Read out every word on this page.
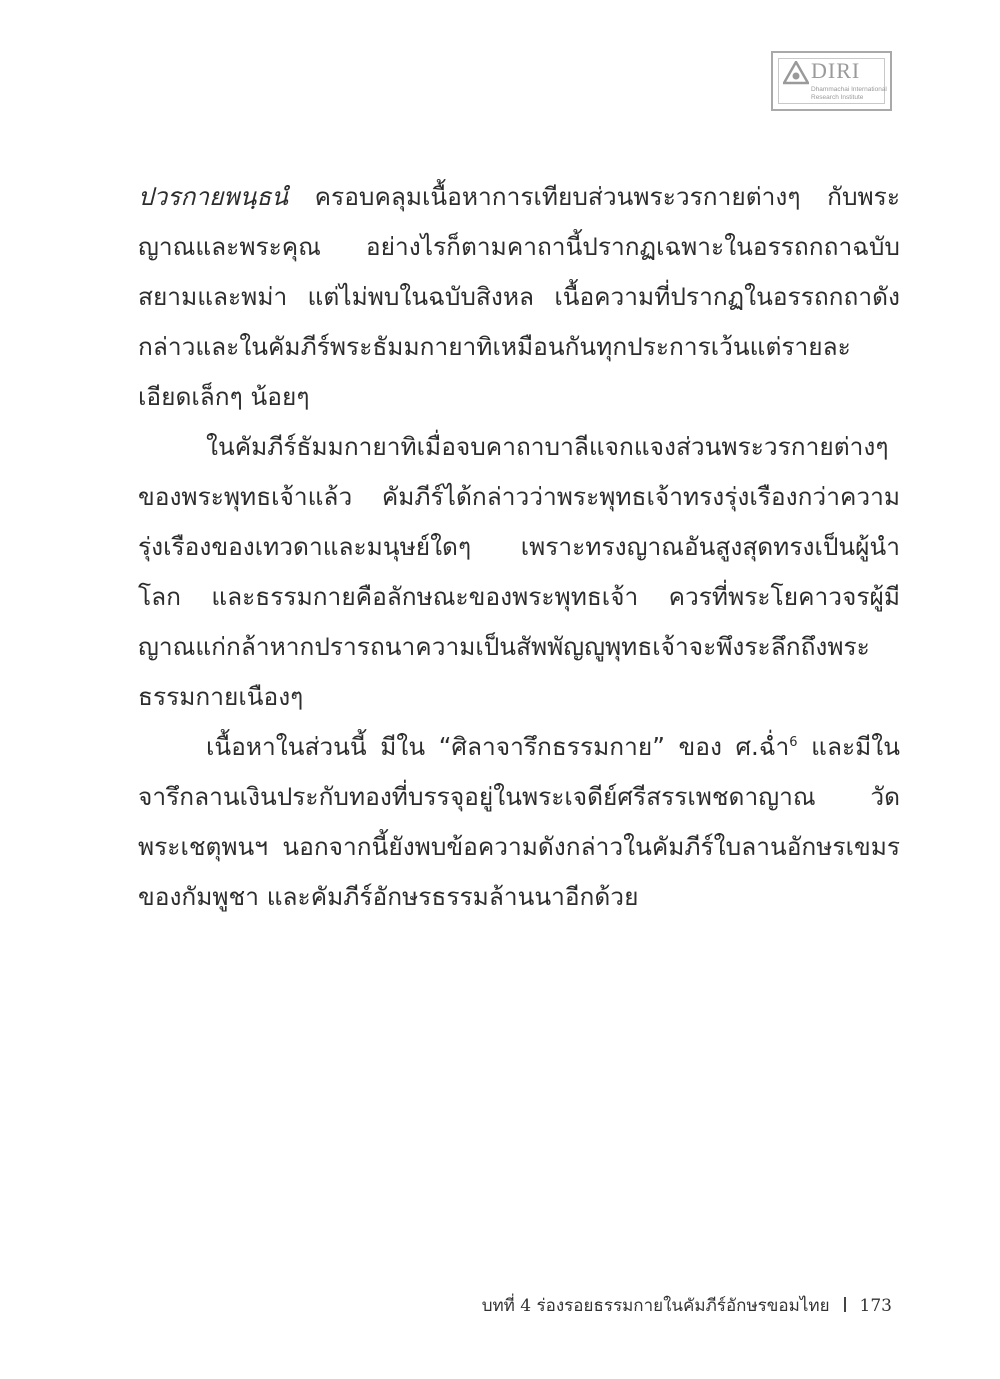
DIRI
Dhammachai International
Research Institute

ปวรกายพนฺธนํ ครอบคลุมเนื้อหาการเทียบส่วนพระวรกายต่างๆ กับพระญาณและพระคุณ อย่างไรก็ตามคาถานี้ปรากฏเฉพาะในอรรถกถาฉบับสยามและพม่า แต่ไม่พบในฉบับสิงหล เนื้อความที่ปรากฏในอรรถกถาดังกล่าวและในคัมภีร์พระธัมมกายาทิเหมือนกันทุกประการเว้นแต่รายละเอียดเล็กๆ น้อยๆ

ในคัมภีร์ธัมมกายาทิเมื่อจบคาถาบาลีแจกแจงส่วนพระวรกายต่างๆ ของพระพุทธเจ้าแล้ว คัมภีร์ได้กล่าวว่าพระพุทธเจ้าทรงรุ่งเรืองกว่าความรุ่งเรืองของเทวดาและมนุษย์ใดๆ เพราะทรงญาณอันสูงสุดทรงเป็นผู้นำโลก และธรรมกายคือลักษณะของพระพุทธเจ้า ควรที่พระโยคาวจรผู้มีญาณแก่กล้าหากปรารถนาความเป็นสัพพัญญูพุทธเจ้าจะพึงระลึกถึงพระธรรมกายเนืองๆ

เนื้อหาในส่วนนี้ มีใน “ศิลาจารึกธรรมกาย” ของ ศ.ฉ่ำ$^6$ และมีในจารึกลานเงินประกับทองที่บรรจุอยู่ในพระเจดีย์ศรีสรรเพชดาญาณ วัดพระเชตุพนฯ นอกจากนี้ยังพบข้อความดังกล่าวในคัมภีร์ใบลานอักษรเขมรของกัมพูชา และคัมภีร์อักษรธรรมล้านนาอีกด้วย

บทที่ 4 ร่องรอยธรรมกายในคัมภีร์อักษรขอมไทย 173
